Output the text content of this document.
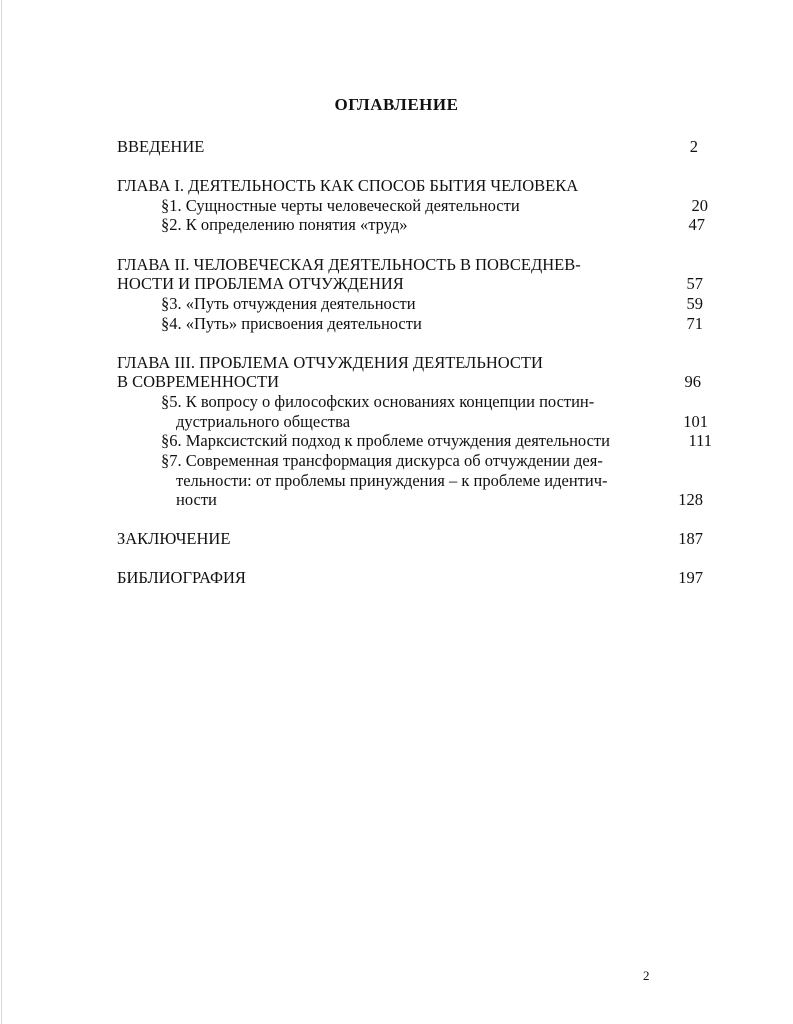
ОГЛАВЛЕНИЕ
ВВЕДЕНИЕ	2
ГЛАВА I. ДЕЯТЕЛЬНОСТЬ КАК СПОСОБ БЫТИЯ ЧЕЛОВЕКА
§1. Сущностные черты человеческой деятельности	20
§2. К определению понятия «труд»	47
ГЛАВА II. ЧЕЛОВЕЧЕСКАЯ ДЕЯТЕЛЬНОСТЬ В ПОВСЕДНЕВ-
НОСТИ И ПРОБЛЕМА ОТЧУЖДЕНИЯ	57
§3. «Путь отчуждения деятельности	59
§4. «Путь» присвоения деятельности	71
ГЛАВА III. ПРОБЛЕМА ОТЧУЖДЕНИЯ ДЕЯТЕЛЬНОСТИ
В СОВРЕМЕННОСТИ	96
§5. К вопросу о философских основаниях концепции постин-
дустриального общества	101
§6. Марксистский подход к проблеме отчуждения деятельности	111
§7. Современная трансформация дискурса об отчуждении дея-
тельности: от проблемы принуждения – к проблеме идентич-
ности	128
ЗАКЛЮЧЕНИЕ	187
БИБЛИОГРАФИЯ	197
2
